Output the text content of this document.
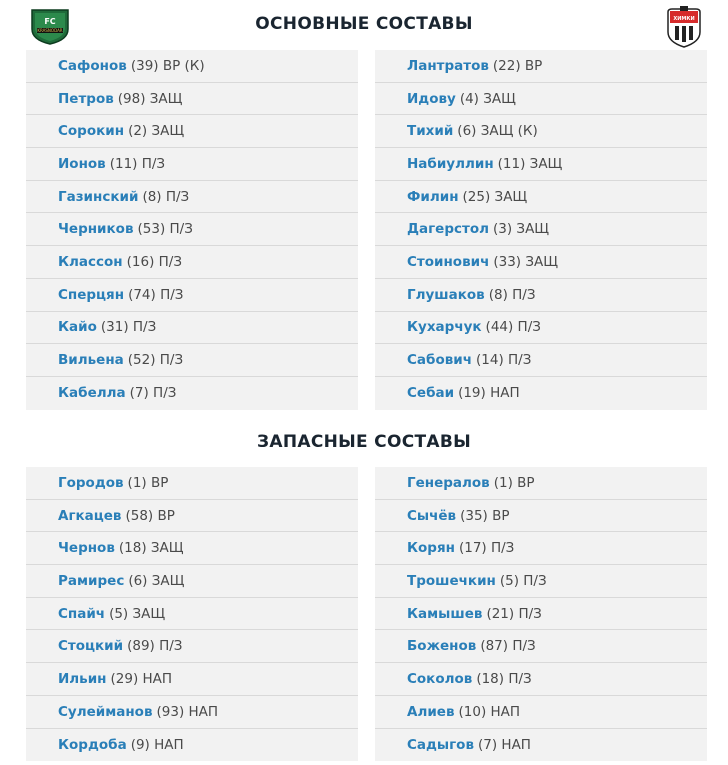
KRASNODAR
FC	ХИМКИ
ОСНОВНЫЕ СОСТАВЫ
Сафонов (39) ВР (К)
Петров (98) ЗАЩ
Сорокин (2) ЗАЩ
Ионов (11) П/З
Газинский (8) П/З
Черников (53) П/З
Классон (16) П/З
Сперцян (74) П/З
Кайо (31) П/З
Вильена (52) П/З
Кабелла (7) П/З
Лантратов (22) ВР
Идову (4) ЗАЩ
Тихий (6) ЗАЩ (К)
Набиуллин (11) ЗАЩ
Филин (25) ЗАЩ
Дагерстол (3) ЗАЩ
Стоинович (33) ЗАЩ
Глушаков (8) П/З
Кухарчук (44) П/З
Сабович (14) П/З
Себаи (19) НАП
ЗАПАСНЫЕ СОСТАВЫ
Городов (1) ВР
Агкацев (58) ВР
Чернов (18) ЗАЩ
Рамирес (6) ЗАЩ
Спайч (5) ЗАЩ
Стоцкий (89) П/З
Ильин (29) НАП
Сулейманов (93) НАП
Кордоба (9) НАП
Генералов (1) ВР
Сычёв (35) ВР
Корян (17) П/З
Трошечкин (5) П/З
Камышев (21) П/З
Боженов (87) П/З
Соколов (18) П/З
Алиев (10) НАП
Садыгов (7) НАП
